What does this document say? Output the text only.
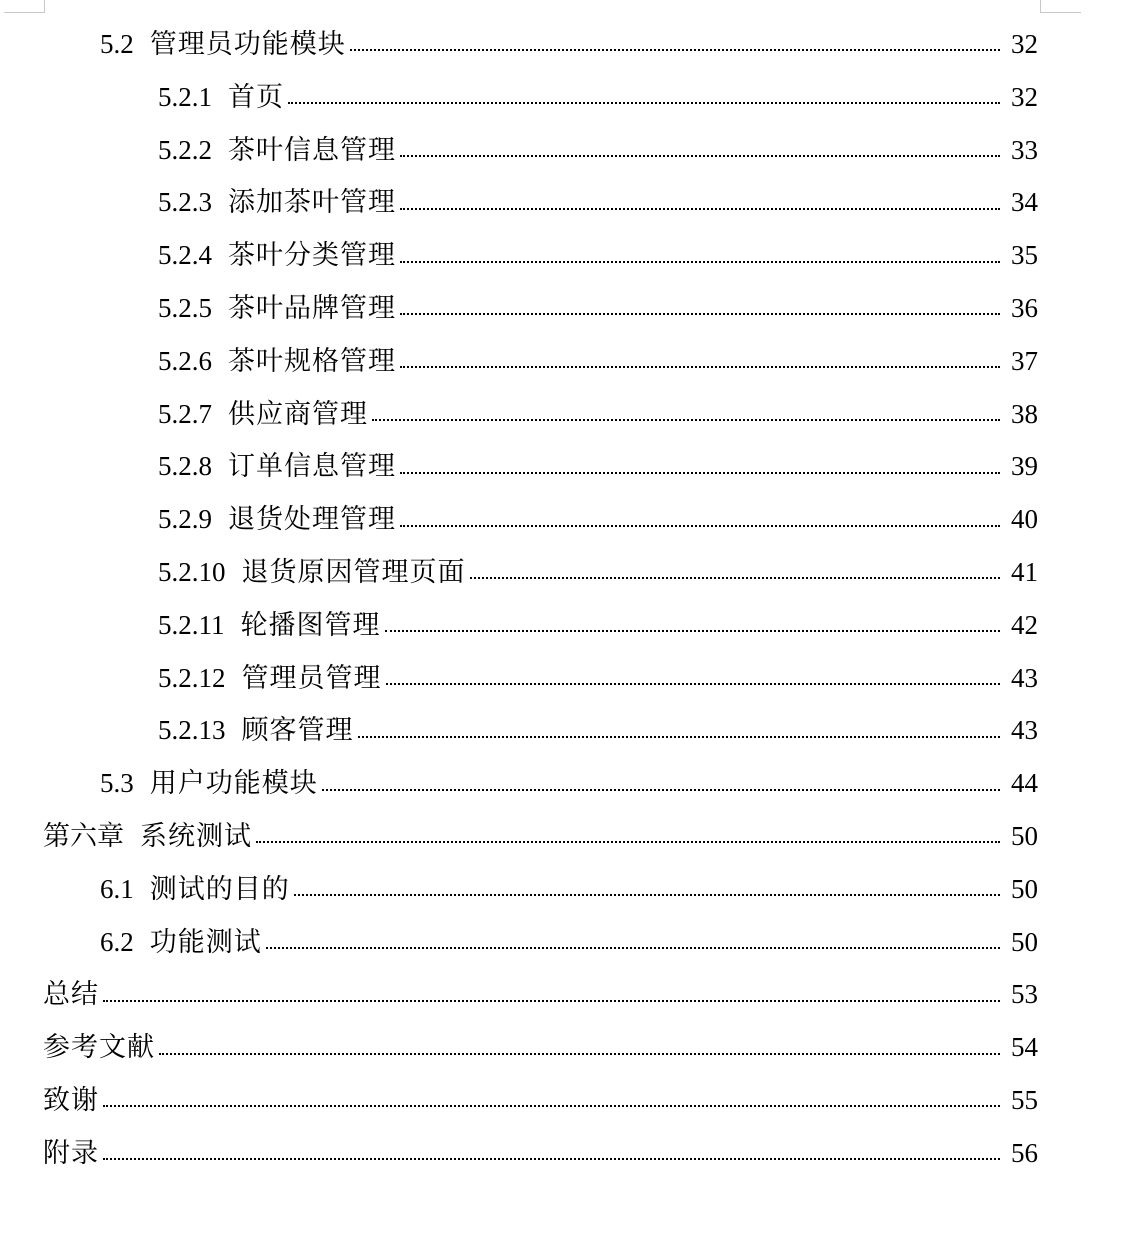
5.2 管理员功能模块	32
5.2.1 首页	32
5.2.2 茶叶信息管理	33
5.2.3 添加茶叶管理	34
5.2.4 茶叶分类管理	35
5.2.5 茶叶品牌管理	36
5.2.6 茶叶规格管理	37
5.2.7 供应商管理	38
5.2.8 订单信息管理	39
5.2.9 退货处理管理	40
5.2.10 退货原因管理页面	41
5.2.11 轮播图管理	42
5.2.12 管理员管理	43
5.2.13 顾客管理	43
5.3 用户功能模块	44
第六章 系统测试	50
6.1 测试的目的	50
6.2 功能测试	50
总结	53
参考文献	54
致谢	55
附录	56
